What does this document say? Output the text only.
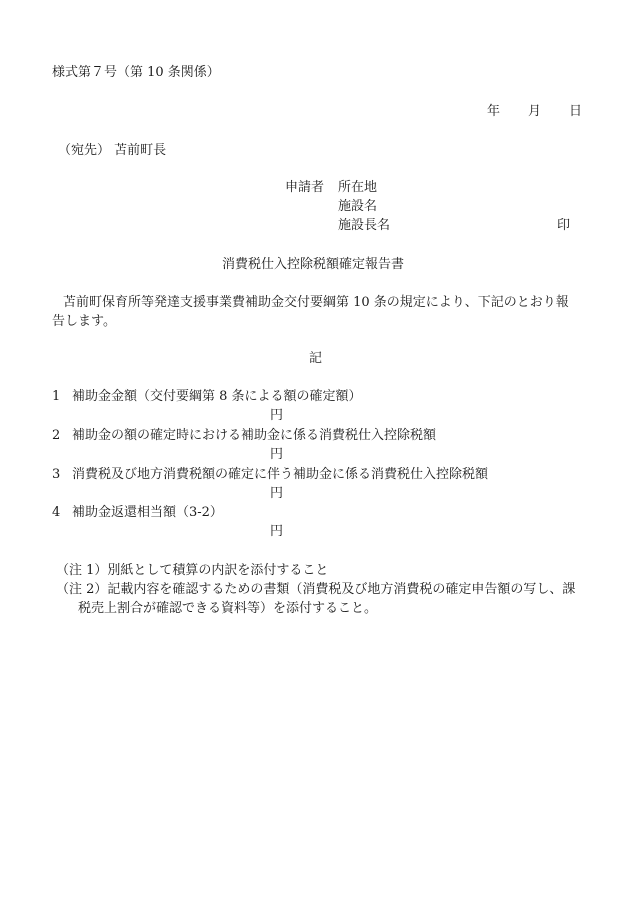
様式第７号（第 10 条関係）
年 月 日
（宛先） 苫前町長
申請者 所在地
施設名
施設長名	印
消費税仕入控除税額確定報告書
苫前町保育所等発達支援事業費補助金交付要綱第 10 条の規定により、下記のとおり報
告します。
記
1 補助金金額（交付要綱第 8 条による額の確定額）
円
2 補助金の額の確定時における補助金に係る消費税仕入控除税額
円
3 消費税及び地方消費税額の確定に伴う補助金に係る消費税仕入控除税額
円
4 補助金返還相当額（3-2）
円
（注 1）別紙として積算の内訳を添付すること
（注 2）記載内容を確認するための書類（消費税及び地方消費税の確定申告額の写し、課
税売上割合が確認できる資料等）を添付すること。
